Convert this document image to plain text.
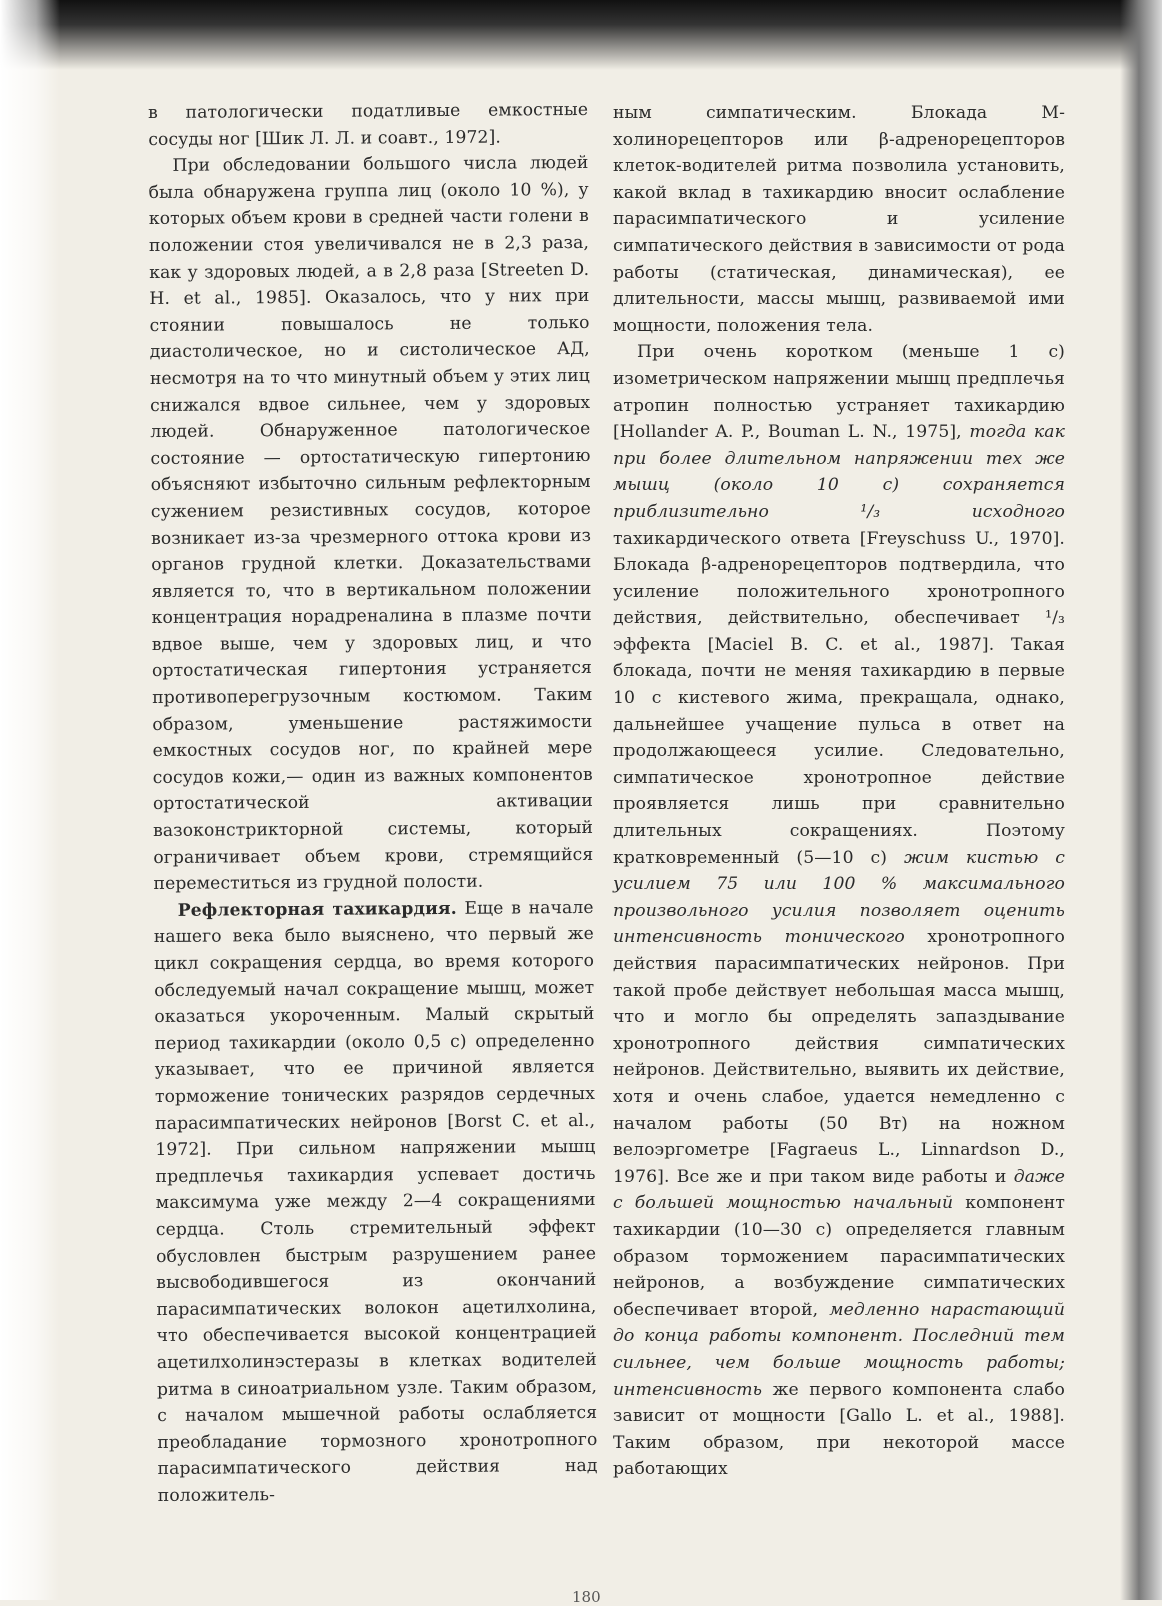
в патологически податливые емкостные сосуды ног [Шик Л. Л. и соавт., 1972].

При обследовании большого числа людей была обнаружена группа лиц (около 10 %), у которых объем крови в средней части голени в положении стоя увеличивался не в 2,3 раза, как у здоровых людей, а в 2,8 раза [Streeten D. H. et al., 1985]. Оказалось, что у них при стоянии повышалось не только диастолическое, но и систолическое АД, несмотря на то что минутный объем у этих лиц снижался вдвое сильнее, чем у здоровых людей. Обнаруженное патологическое состояние — ортостатическую гипертонию объясняют избыточно сильным рефлекторным сужением резистивных сосудов, которое возникает из-за чрезмерного оттока крови из органов грудной клетки. Доказательствами является то, что в вертикальном положении концентрация норадреналина в плазме почти вдвое выше, чем у здоровых лиц, и что ортостатическая гипертония устраняется противоперегрузочным костюмом. Таким образом, уменьшение растяжимости емкостных сосудов ног, по крайней мере сосудов кожи,— один из важных компонентов ортостатической активации вазоконстрикторной системы, который ограничивает объем крови, стремящийся переместиться из грудной полости.

Рефлекторная тахикардия. Еще в начале нашего века было выяснено, что первый же цикл сокращения сердца, во время которого обследуемый начал сокращение мышц, может оказаться укороченным. Малый скрытый период тахикардии (около 0,5 с) определенно указывает, что ее причиной является торможение тонических разрядов сердечных парасимпатических нейронов [Borst C. et al., 1972]. При сильном напряжении мышц предплечья тахикардия успевает достичь максимума уже между 2—4 сокращениями сердца. Столь стремительный эффект обусловлен быстрым разрушением ранее высвободившегося из окончаний парасимпатических волокон ацетилхолина, что обеспечивается высокой концентрацией ацетилхолинэстеразы в клетках водителей ритма в синоатриальном узле. Таким образом, с началом мышечной работы ослабляется преобладание тормозного хронотропного парасимпатического действия над положитель-

ным симпатическим. Блокада М-холинорецепторов или β-адренорецепторов клеток-водителей ритма позволила установить, какой вклад в тахикардию вносит ослабление парасимпатического и усиление симпатического действия в зависимости от рода работы (статическая, динамическая), ее длительности, массы мышц, развиваемой ими мощности, положения тела.

При очень коротком (меньше 1 с) изометрическом напряжении мышц предплечья атропин полностью устраняет тахикардию [Hollander A. P., Bouman L. N., 1975], тогда как при более длительном напряжении тех же мышц (около 10 с) сохраняется приблизительно ¹/₃ исходного тахикардического ответа [Freyschuss U., 1970]. Блокада β-адренорецепторов подтвердила, что усиление положительного хронотропного действия, действительно, обеспечивает ¹/₃ эффекта [Maciel B. C. et al., 1987]. Такая блокада, почти не меняя тахикардию в первые 10 с кистевого жима, прекращала, однако, дальнейшее учащение пульса в ответ на продолжающееся усилие. Следовательно, симпатическое хронотропное действие проявляется лишь при сравнительно длительных сокращениях. Поэтому кратковременный (5—10 с) жим кистью с усилием 75 или 100 % максимального произвольного усилия позволяет оценить интенсивность тонического хронотропного действия парасимпатических нейронов. При такой пробе действует небольшая масса мышц, что и могло бы определять запаздывание хронотропного действия симпатических нейронов. Действительно, выявить их действие, хотя и очень слабое, удается немедленно с началом работы (50 Вт) на ножном велоэргометре [Fagraeus L., Linnardson D., 1976]. Все же и при таком виде работы и даже с большей мощностью начальный компонент тахикардии (10—30 с) определяется главным образом торможением парасимпатических нейронов, а возбуждение симпатических обеспечивает второй, медленно нарастающий до конца работы компонент. Последний тем сильнее, чем больше мощность работы; интенсивность же первого компонента слабо зависит от мощности [Gallo L. et al., 1988]. Таким образом, при некоторой массе работающих

180
